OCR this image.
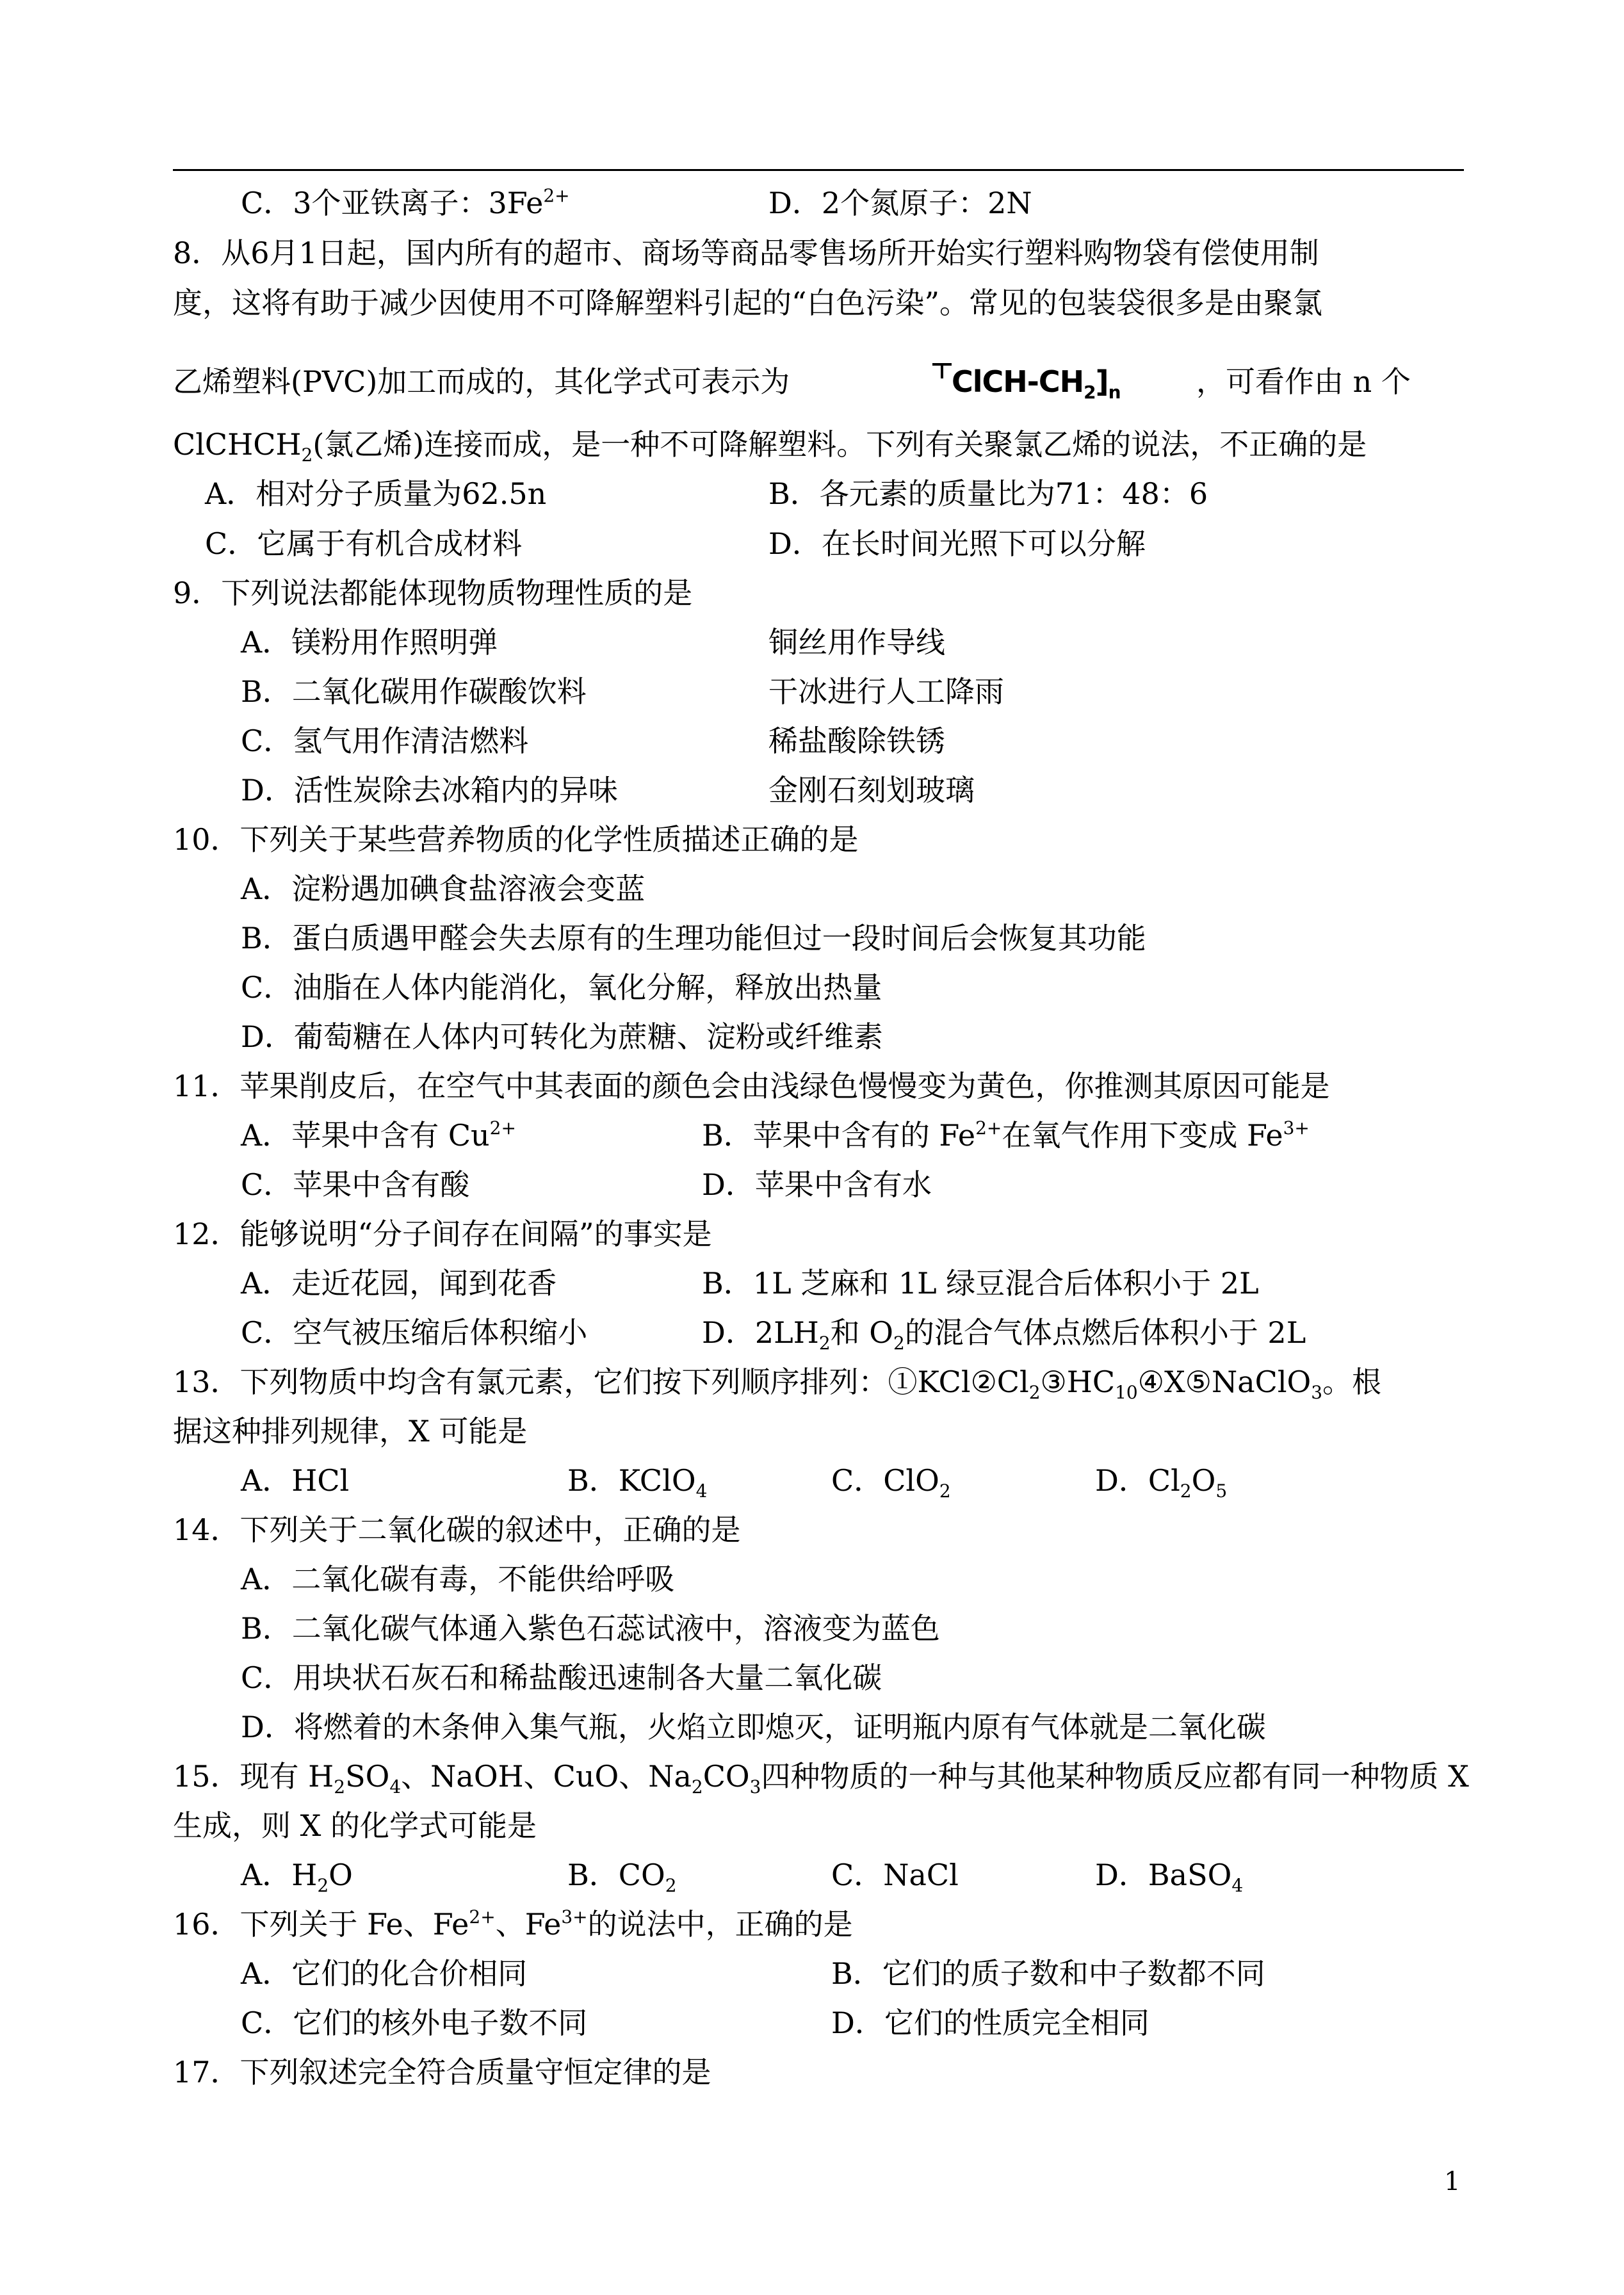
C．3个亚铁离子：$3Fe^{2+}$	D．2个氮原子：2N
8．从6月1日起，国内所有的超市、商场等商品零售场所开始实行塑料购物袋有偿使用制
度，这将有助于减少因使用不可降解塑料引起的“白色污染”。常见的包装袋很多是由聚氯
乙烯塑料(PVC)加工而成的，其化学式可表示为	ClCH-$CH_2]_n$	，可看作由 n 个
ClCHCH$_2$(氯乙烯)连接而成，是一种不可降解塑料。下列有关聚氯乙烯的说法，不正确的是
A．相对分子质量为62.5n	B．各元素的质量比为71：48：6
C．它属于有机合成材料	D．在长时间光照下可以分解
9．下列说法都能体现物质物理性质的是
A．镁粉用作照明弹	铜丝用作导线
B．二氧化碳用作碳酸饮料	干冰进行人工降雨
C．氢气用作清洁燃料	稀盐酸除铁锈
D．活性炭除去冰箱内的异味	金刚石刻划玻璃
10．下列关于某些营养物质的化学性质描述正确的是
A．淀粉遇加碘食盐溶液会变蓝
B．蛋白质遇甲醛会失去原有的生理功能但过一段时间后会恢复其功能
C．油脂在人体内能消化，氧化分解，释放出热量
D．葡萄糖在人体内可转化为蔗糖、淀粉或纤维素
11．苹果削皮后，在空气中其表面的颜色会由浅绿色慢慢变为黄色，你推测其原因可能是
A．苹果中含有 $Cu^{2+}$	B．苹果中含有的 $Fe^{2+}$在氧气作用下变成 $Fe^{3+}$
C．苹果中含有酸	D．苹果中含有水
12．能够说明“分子间存在间隔”的事实是
A．走近花园，闻到花香	B．1L 芝麻和 1L 绿豆混合后体积小于 2L
C．空气被压缩后体积缩小	D．$2LH_2$和 $O_2$的混合气体点燃后体积小于 2L
13．下列物质中均含有氯元素，它们按下列顺序排列：$①KCl②Cl_2③HC_{10}④X⑤NaClO_3$。根
据这种排列规律，X 可能是
A．HCl	B．KClO$_4$	C．ClO$_2$	D．$Cl_2O_5$
14．下列关于二氧化碳的叙述中，正确的是
A．二氧化碳有毒，不能供给呼吸
B．二氧化碳气体通入紫色石蕊试液中，溶液变为蓝色
C．用块状石灰石和稀盐酸迅速制各大量二氧化碳
D．将燃着的木条伸入集气瓶，火焰立即熄灭，证明瓶内原有气体就是二氧化碳
15．现有 $H_2SO_4$、NaOH、CuO、$Na_2CO_3$四种物质的一种与其他某种物质反应都有同一种物质 X
生成，则 X 的化学式可能是
A．$H_2O$	B．$CO_2$	C．NaCl	D．BaSO$_4$
16．下列关于 Fe、$Fe^{2+}$、$Fe^{3+}$的说法中，正确的是
A．它们的化合价相同	B．它们的质子数和中子数都不同
C．它们的核外电子数不同	D．它们的性质完全相同
17．下列叙述完全符合质量守恒定律的是
1
